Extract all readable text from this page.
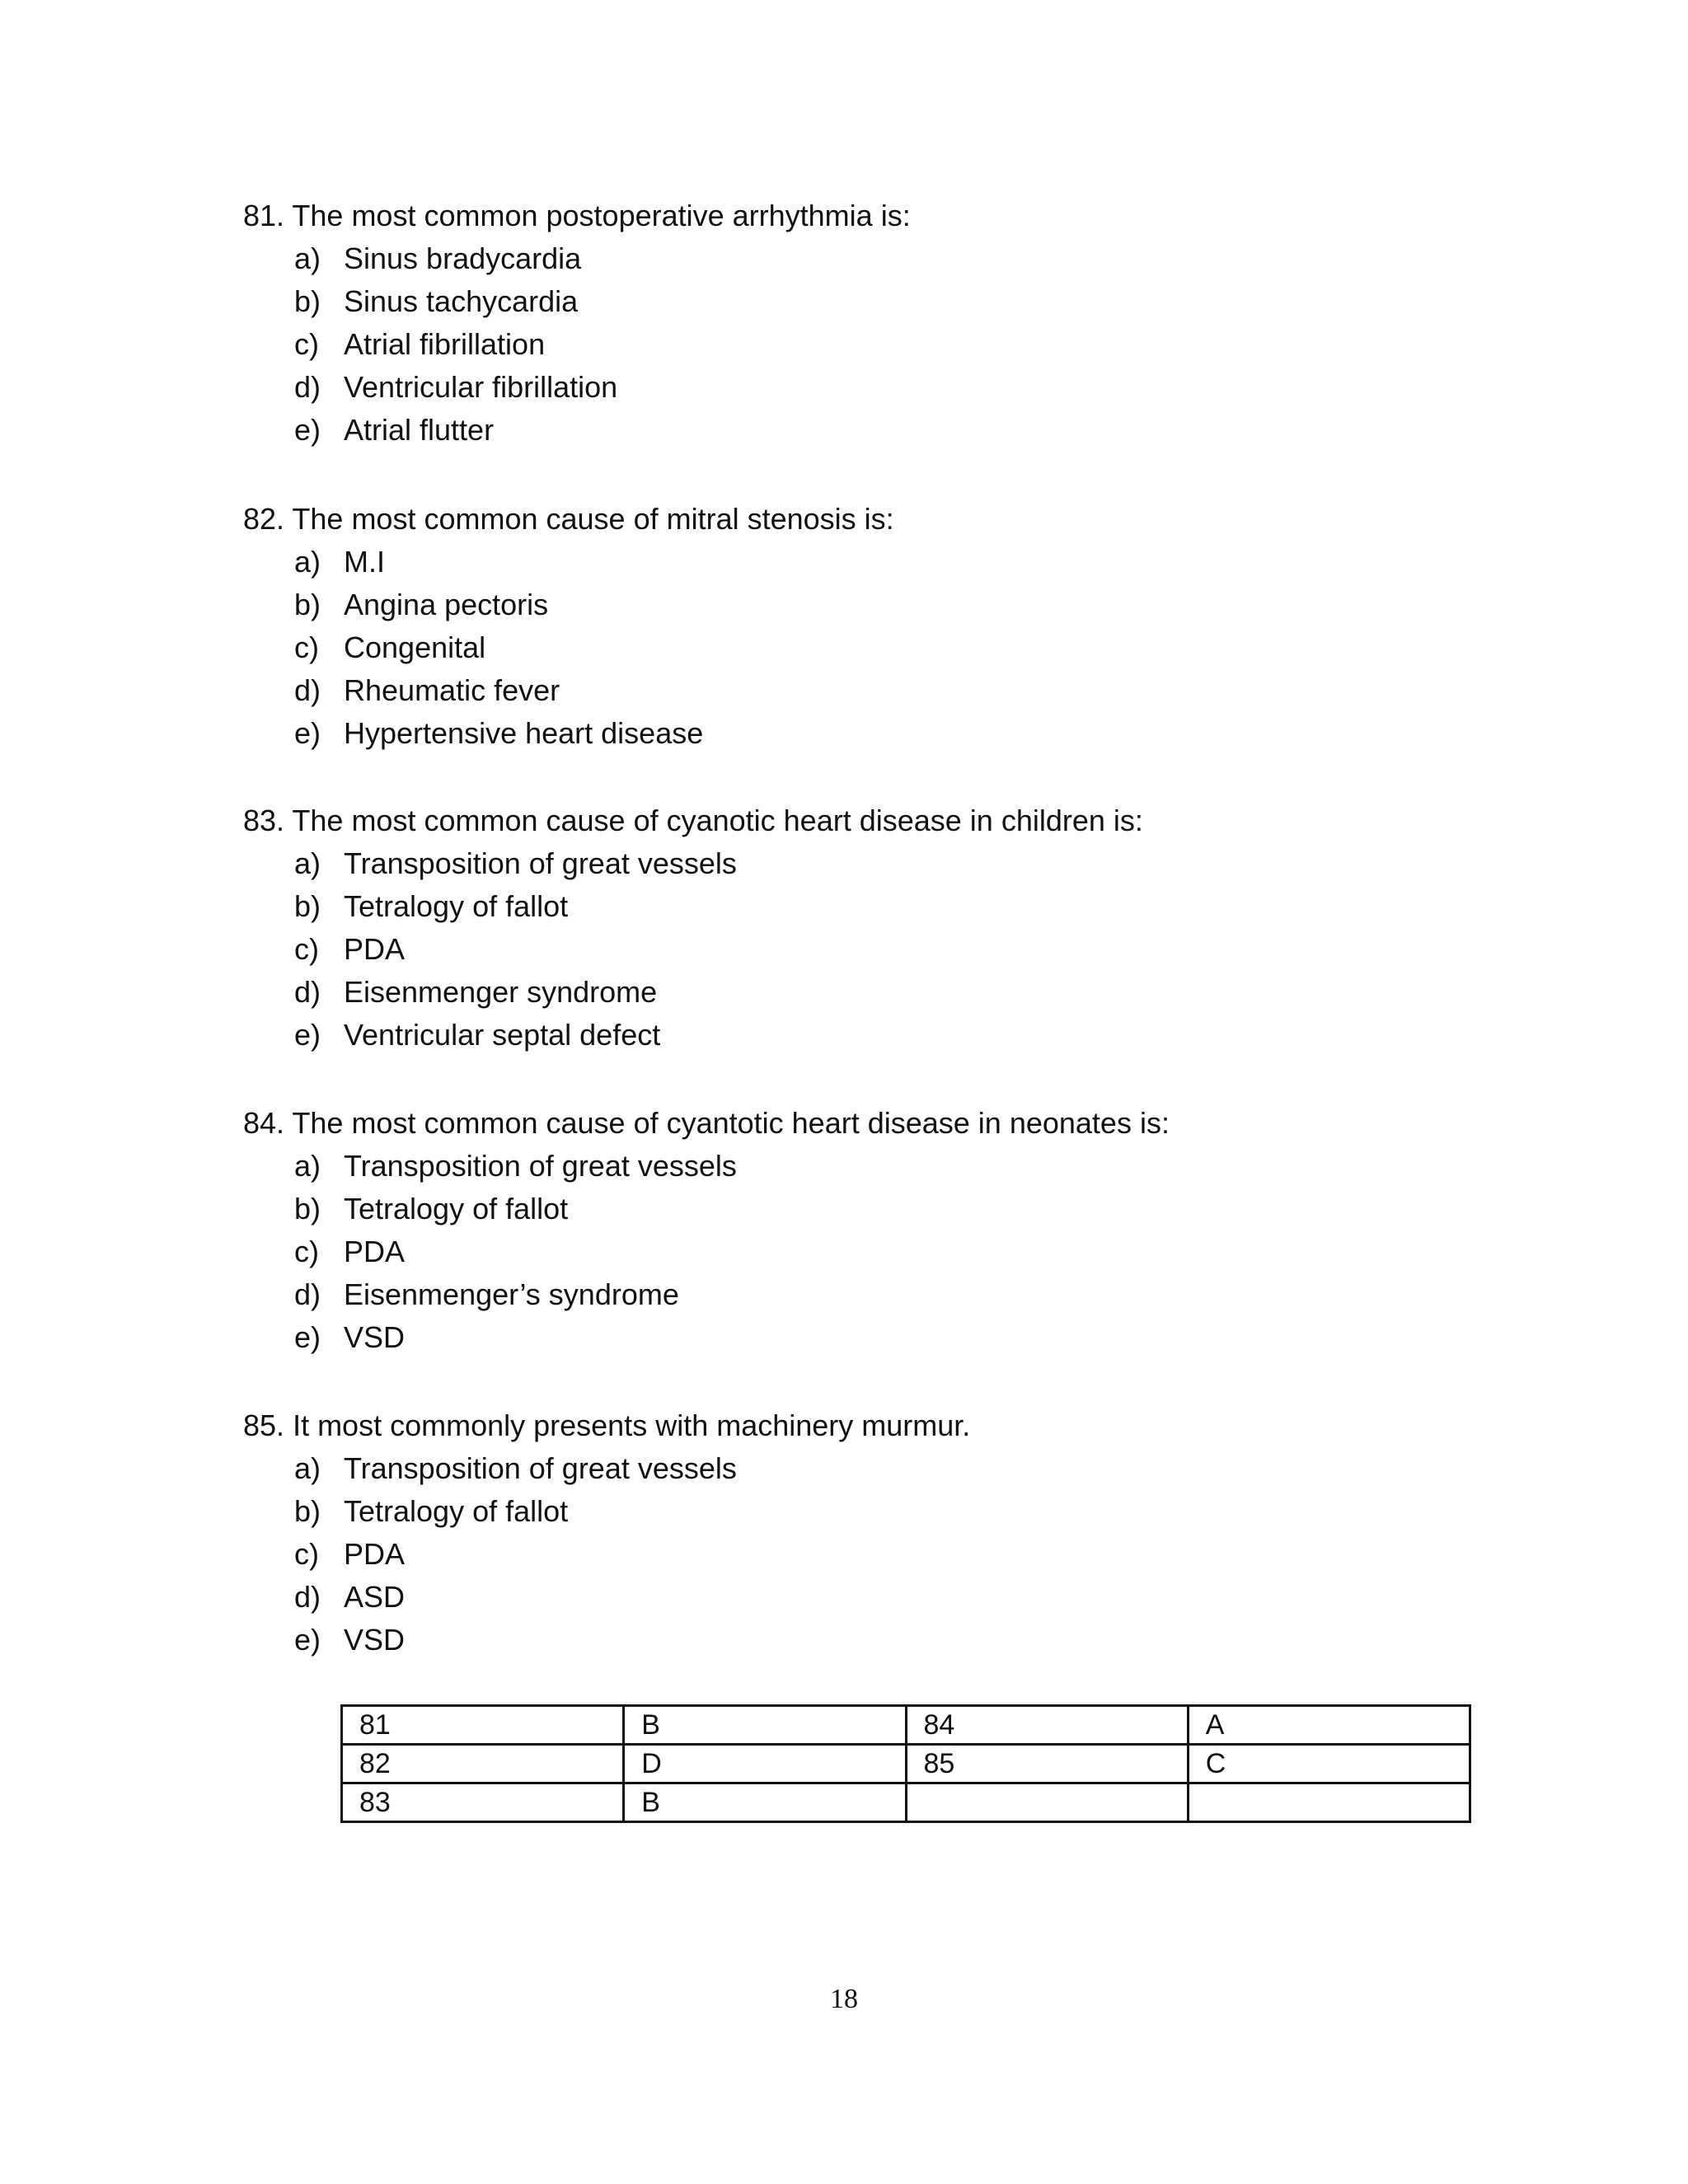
81. The most common postoperative arrhythmia is:
a) Sinus bradycardia
b) Sinus tachycardia
c) Atrial fibrillation
d) Ventricular fibrillation
e) Atrial flutter
82. The most common cause of mitral stenosis is:
a) M.I
b) Angina pectoris
c) Congenital
d) Rheumatic fever
e) Hypertensive heart disease
83. The most common cause of cyanotic heart disease in children is:
a) Transposition of great vessels
b) Tetralogy of fallot
c) PDA
d) Eisenmenger syndrome
e) Ventricular septal defect
84. The most common cause of cyantotic heart disease in neonates is:
a) Transposition of great vessels
b) Tetralogy of fallot
c) PDA
d) Eisenmenger’s syndrome
e) VSD
85. It most commonly presents with machinery murmur.
a) Transposition of great vessels
b) Tetralogy of fallot
c) PDA
d) ASD
e) VSD
81	B	84	A
82	D	85	C
83	B		
18
